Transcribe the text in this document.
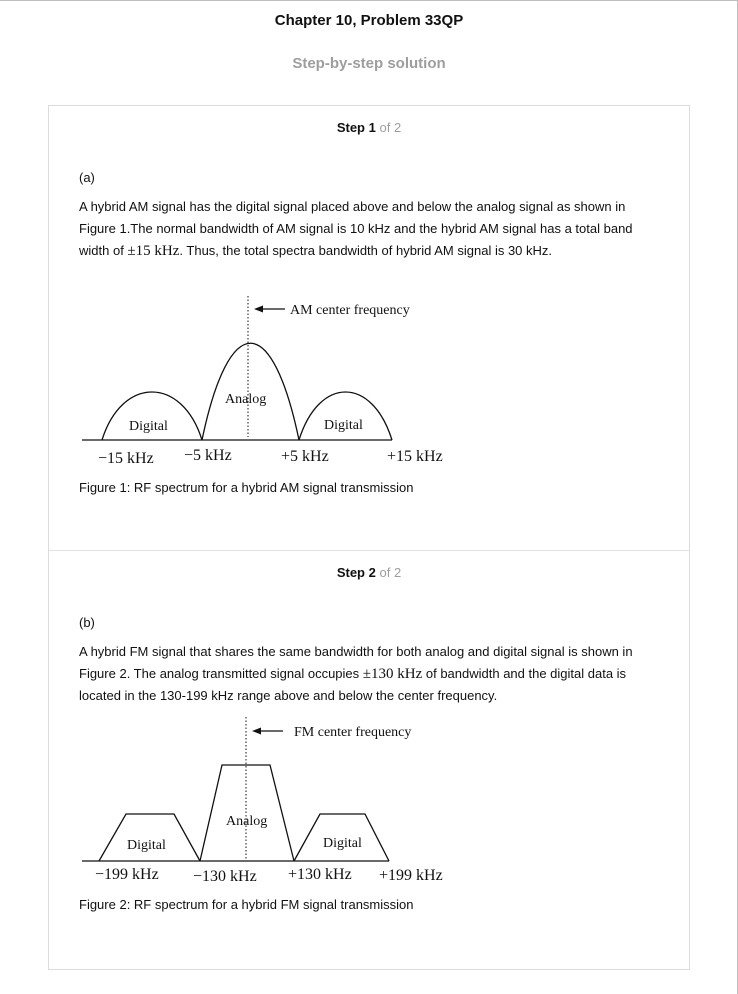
Chapter 10, Problem 33QP
Step-by-step solution
Step 1 of 2
(a)
A hybrid AM signal has the digital signal placed above and below the analog signal as shown in Figure 1.The normal bandwidth of AM signal is 10 kHz and the hybrid AM signal has a total band width of ±15 kHz. Thus, the total spectra bandwidth of hybrid AM signal is 30 kHz.
AM center frequency
Digital
Analog
Digital
−15 kHz −5 kHz	+5 kHz	+15 kHz
Figure 1: RF spectrum for a hybrid AM signal transmission
Step 2 of 2
(b)
A hybrid FM signal that shares the same bandwidth for both analog and digital signal is shown in Figure 2. The analog transmitted signal occupies ±130 kHz of bandwidth and the digital data is located in the 130-199 kHz range above and below the center frequency.
FM center frequency
Digital
Analog
Digital
−199 kHz −130 kHz +130 kHz +199 kHz
Figure 2: RF spectrum for a hybrid FM signal transmission
